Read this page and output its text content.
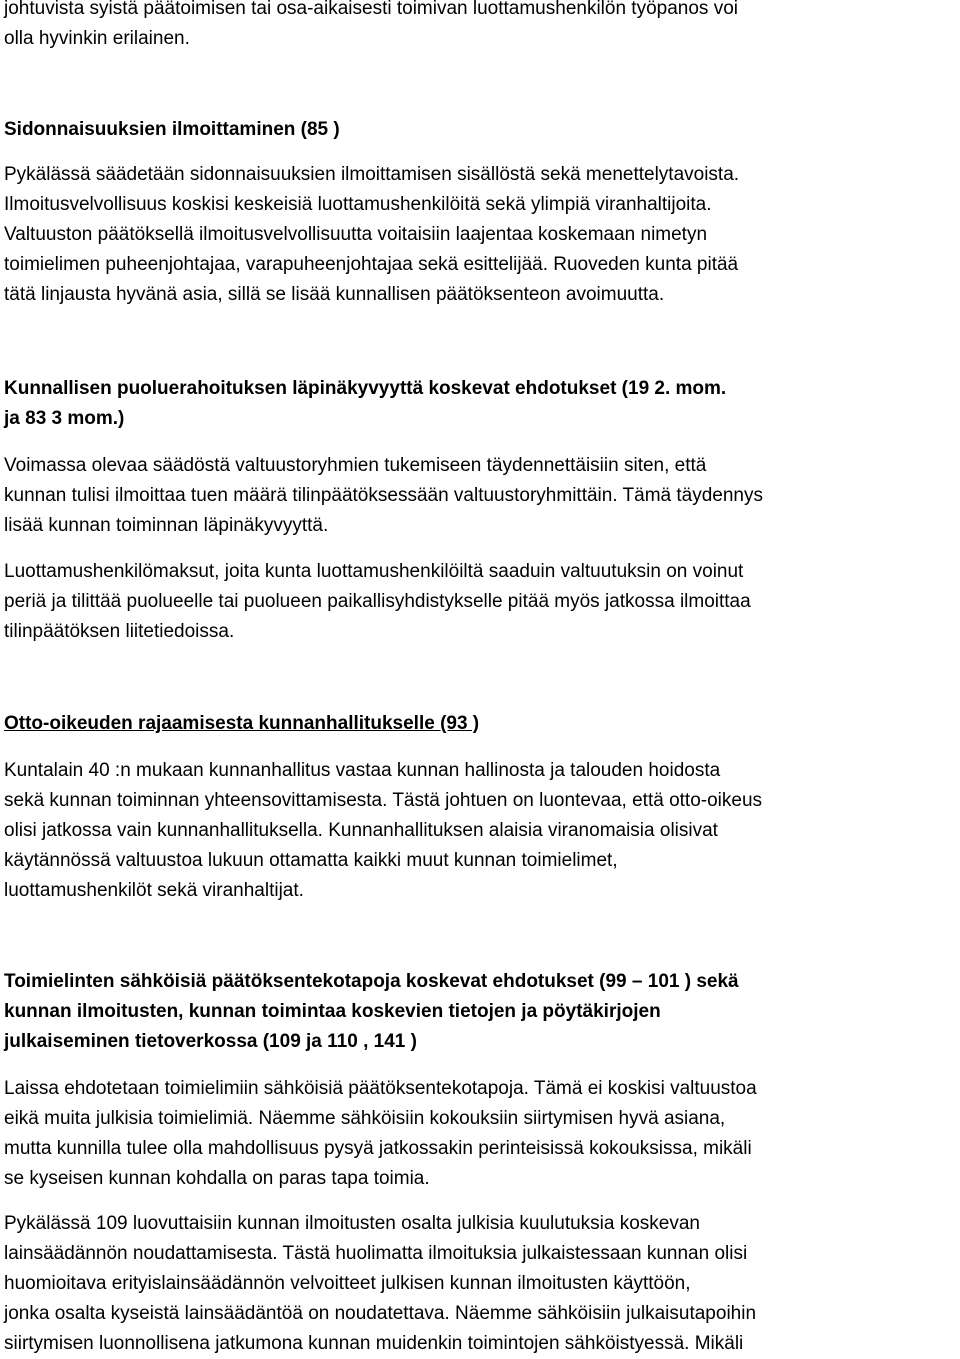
johtuvista syistä päätoimisen tai osa-aikaisesti toimivan luottamushenkilön työpanos voi
olla hyvinkin erilainen.
Sidonnaisuuksien ilmoittaminen (85 )
Pykälässä säädetään sidonnaisuuksien ilmoittamisen sisällöstä sekä menettelytavoista.
Ilmoitusvelvollisuus koskisi keskeisiä luottamushenkilöitä sekä ylimpiä viranhaltijoita.
Valtuuston päätöksellä ilmoitusvelvollisuutta voitaisiin laajentaa koskemaan nimetyn
toimielimen puheenjohtajaa, varapuheenjohtajaa sekä esittelijää. Ruoveden kunta pitää
tätä linjausta hyvänä asia, sillä se lisää kunnallisen päätöksenteon avoimuutta.
Kunnallisen puoluerahoituksen läpinäkyvyyttä koskevat ehdotukset (19 2. mom.
ja 83 3 mom.)
Voimassa olevaa säädöstä valtuustoryhmien tukemiseen täydennettäisiin siten, että
kunnan tulisi ilmoittaa tuen määrä tilinpäätöksessään valtuustoryhmittäin. Tämä täydennys
lisää kunnan toiminnan läpinäkyvyyttä.
Luottamushenkilömaksut, joita kunta luottamushenkilöiltä saaduin valtuutuksin on voinut
periä ja tilittää puolueelle tai puolueen paikallisyhdistykselle pitää myös jatkossa ilmoittaa
tilinpäätöksen liitetiedoissa.
Otto-oikeuden rajaamisesta kunnanhallitukselle (93 )
Kuntalain 40 :n mukaan kunnanhallitus vastaa kunnan hallinosta ja talouden hoidosta
sekä kunnan toiminnan yhteensovittamisesta. Tästä johtuen on luontevaa, että otto-oikeus
olisi jatkossa vain kunnanhallituksella. Kunnanhallituksen alaisia viranomaisia olisivat
käytännössä valtuustoa lukuun ottamatta kaikki muut kunnan toimielimet,
luottamushenkilöt sekä viranhaltijat.
Toimielinten sähköisiä päätöksentekotapoja koskevat ehdotukset (99 – 101 ) sekä
kunnan ilmoitusten, kunnan toimintaa koskevien tietojen ja pöytäkirjojen
julkaiseminen tietoverkossa (109 ja 110 , 141 )
Laissa ehdotetaan toimielimiin sähköisiä päätöksentekotapoja. Tämä ei koskisi valtuustoa
eikä muita julkisia toimielimiä. Näemme sähköisiin kokouksiin siirtymisen hyvä asiana,
mutta kunnilla tulee olla mahdollisuus pysyä jatkossakin perinteisissä kokouksissa, mikäli
se kyseisen kunnan kohdalla on paras tapa toimia.
Pykälässä 109 luovuttaisiin kunnan ilmoitusten osalta julkisia kuulutuksia koskevan
lainsäädännön noudattamisesta. Tästä huolimatta ilmoituksia julkaistessaan kunnan olisi
huomioitava erityislainsäädännön velvoitteet julkisen kunnan ilmoitusten käyttöön,
jonka osalta kyseistä lainsäädäntöä on noudatettava. Näemme sähköisiin julkaisutapoihin
siirtymisen luonnollisena jatkumona kunnan muidenkin toimintojen sähköistyessä. Mikäli
